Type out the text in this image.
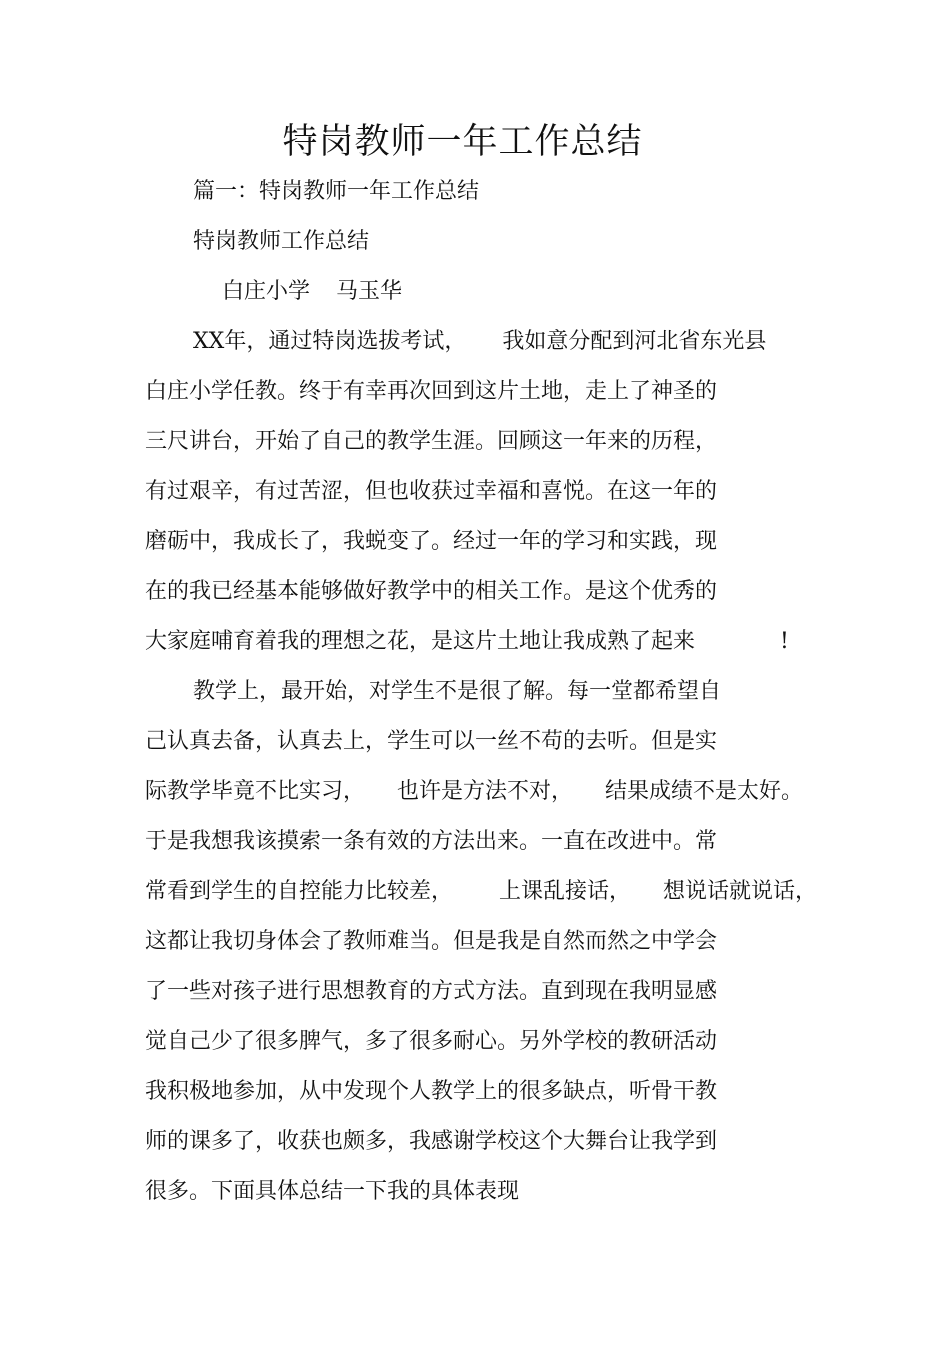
特岗教师一年工作总结
篇一：特岗教师一年工作总结
特岗教师工作总结
白庄小学 马玉华
XX年，通过特岗选拔考试， 我如意分配到河北省东光县
白庄小学任教。终于有幸再次回到这片土地，走上了神圣的
三尺讲台，开始了自己的教学生涯。回顾这一年来的历程，
有过艰辛，有过苦涩，但也收获过幸福和喜悦。在这一年的
磨砺中，我成长了，我蜕变了。经过一年的学习和实践，现
在的我已经基本能够做好教学中的相关工作。是这个优秀的
大家庭哺育着我的理想之花，是这片土地让我成熟了起来	!
教学上，最开始，对学生不是很了解。每一堂都希望自
己认真去备，认真去上，学生可以一丝不苟的去听。但是实
际教学毕竟不比实习， 也许是方法不对， 结果成绩不是太好。
于是我想我该摸索一条有效的方法出来。一直在改进中。常
常看到学生的自控能力比较差， 上课乱接话， 想说话就说话，
这都让我切身体会了教师难当。但是我是自然而然之中学会
了一些对孩子进行思想教育的方式方法。直到现在我明显感
觉自己少了很多脾气，多了很多耐心。另外学校的教研活动
我积极地参加，从中发现个人教学上的很多缺点，听骨干教
师的课多了，收获也颇多，我感谢学校这个大舞台让我学到
很多。下面具体总结一下我的具体表现
